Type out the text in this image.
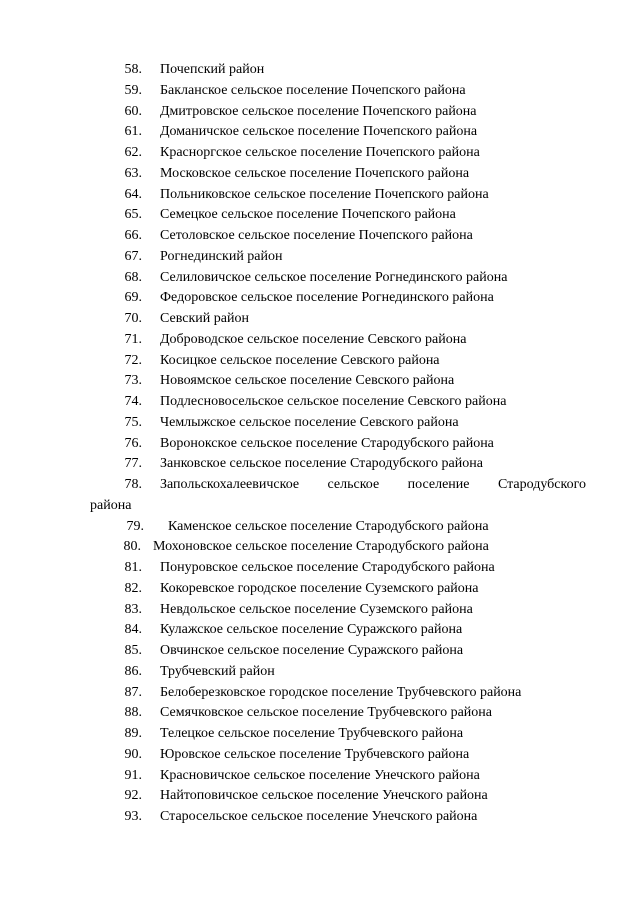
58. Почепский район
59. Бакланское сельское поселение Почепского района
60. Дмитровское сельское поселение Почепского района
61. Доманичское сельское поселение Почепского района
62. Красноргское сельское поселение Почепского района
63. Московское сельское поселение Почепского района
64. Польниковское сельское поселение Почепского района
65. Семецкое сельское поселение Почепского района
66. Сетоловское сельское поселение Почепского района
67. Рогнединский район
68. Селиловичское сельское поселение Рогнединского района
69. Федоровское сельское поселение Рогнединского района
70. Севский район
71. Доброводское сельское поселение Севского района
72. Косицкое сельское поселение Севского района
73. Новоямское сельское поселение Севского района
74. Подлесновосельское сельское поселение Севского района
75. Чемлыжское сельское поселение Севского района
76. Воронокское сельское поселение Стародубского района
77. Занковское сельское поселение Стародубского района
78. Запольскохалеевичское сельское поселение Стародубского
района
79. Каменское сельское поселение Стародубского района
80. Мохоновское сельское поселение Стародубского района
81. Понуровское сельское поселение Стародубского района
82. Кокоревское городское поселение Суземского района
83. Невдольское сельское поселение Суземского района
84. Кулажское сельское поселение Суражского района
85. Овчинское сельское поселение Суражского района
86. Трубчевский район
87. Белоберезковское городское поселение Трубчевского района
88. Семячковское сельское поселение Трубчевского района
89. Телецкое сельское поселение Трубчевского района
90. Юровское сельское поселение Трубчевского района
91. Красновичское сельское поселение Унечского района
92. Найтоповичское сельское поселение Унечского района
93. Старосельское сельское поселение Унечского района
